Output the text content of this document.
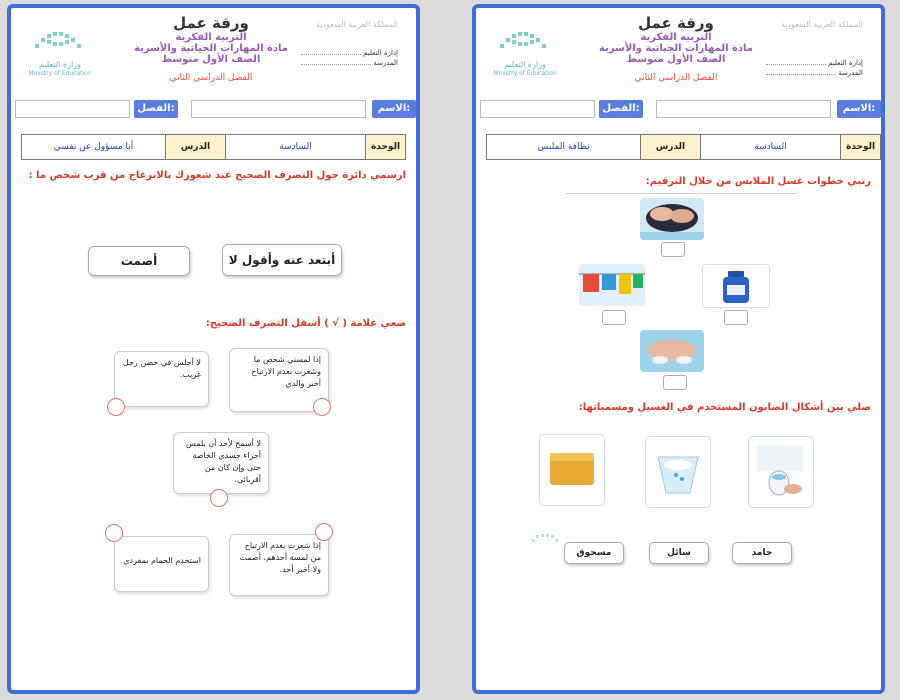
المملكة العربية السعودية
إدارة التعليم
المدرسة
ورقة عمل
التربية الفكرية
مادة المهارات الحياتية والأسرية
الصف الأول متوسط
الفصل الدراسي الثاني
وزارة التعليم
Ministry of Education
الاسم:
الفصل:
الوحدة
السادسة
الدرس
أنا مسؤول عن نفسي
ارسمي دائرة حول التصرف الصحيح عند شعورك بالانزعاج من قرب شخص ما :
أبتعد عنه وأقول لا
أصمت
ضعي علامة ( √ ) أسفل التصرف الصحيح:
إذا لمسني شخص ما وشعرت بعدم الارتياح أخبر والدي
لا أجلس في حضن رجل غريب.
لا أسمح لأحد أن يلمس أجزاء جسدي الخاصة حتى وإن كان من أقربائي.
إذا شعرت بعدم الارتياح من لمسة أحدهم، أصمت ولا أخبر أحد.
استخدم الحمام بمفردي
المملكة العربية السعودية
إدارة التعليم
المدرسة
ورقة عمل
التربية الفكرية
مادة المهارات الحياتية والأسرية
الصف الأول متوسط
الفصل الدراسي الثاني
وزارة التعليم
Ministry of Education
الاسم:
الفصل:
الوحدة
السادسة
الدرس
نظافة الملبس
رتبي خطوات غسل الملابس من خلال الترقيم:
صلي بين أشكال الصابون المستخدم في الغسيل ومسمياتها:
جامد
سائل
مسحوق
